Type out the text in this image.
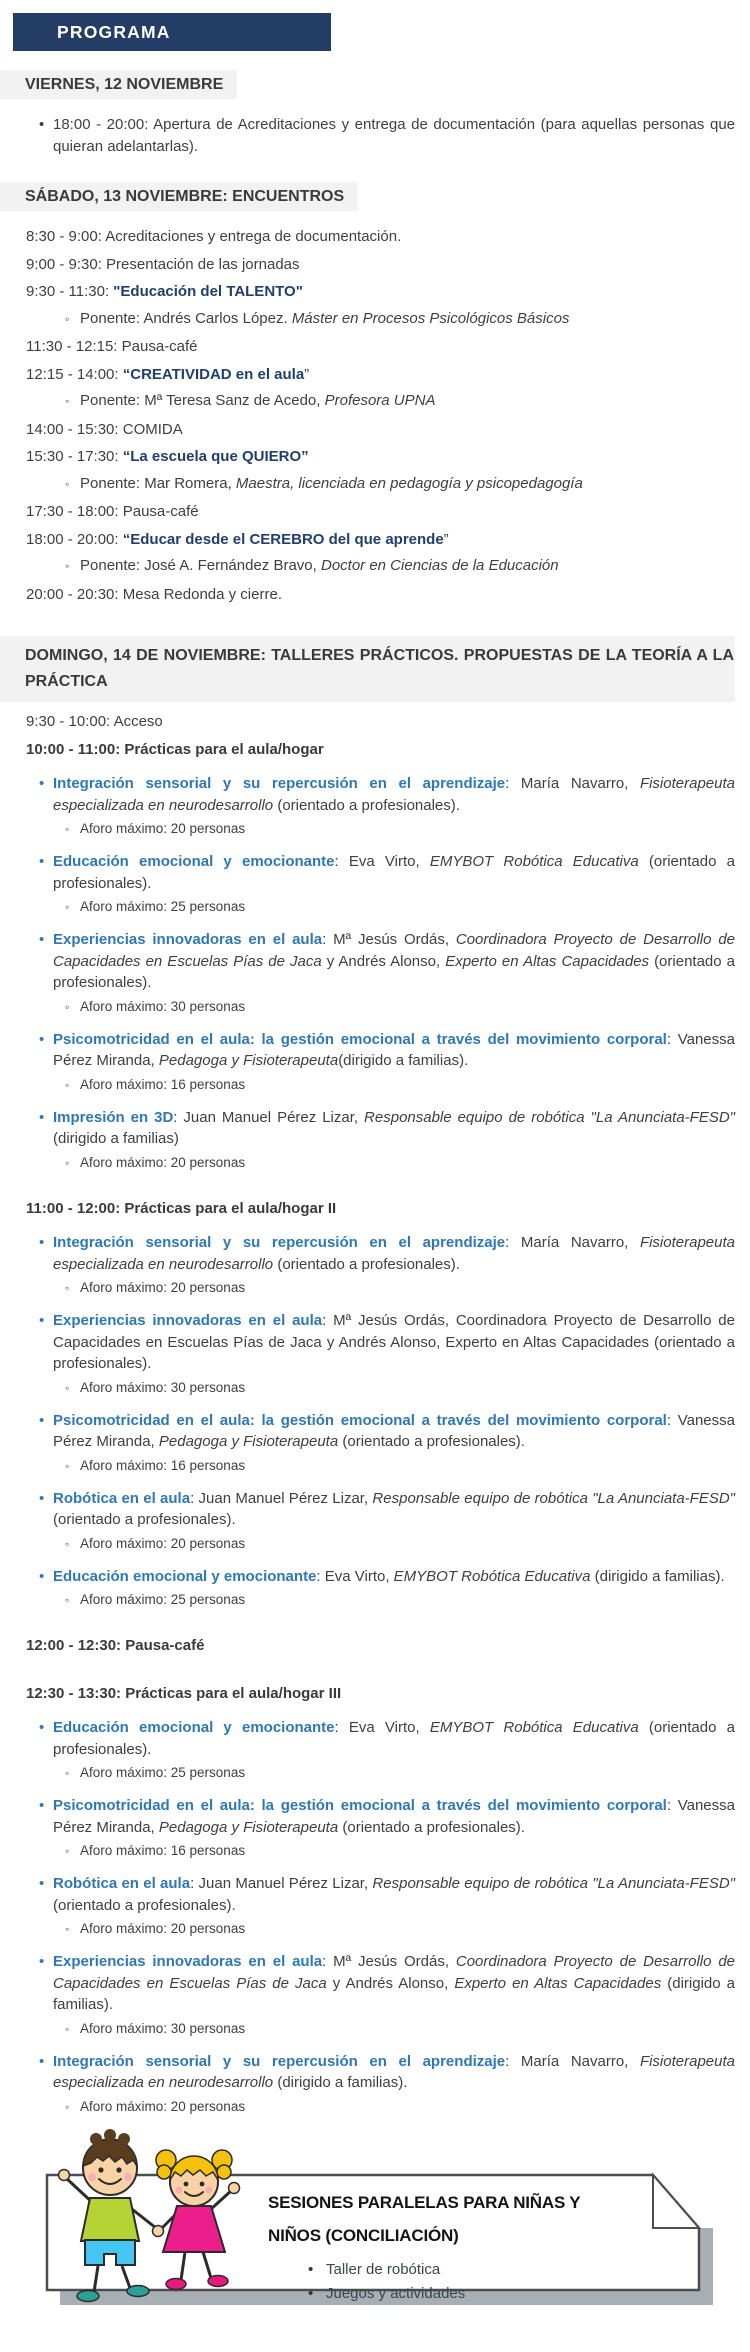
PROGRAMA
VIERNES, 12 NOVIEMBRE
• 18:00 - 20:00: Apertura de Acreditaciones y entrega de documentación (para aquellas personas que quieran adelantarlas).
SÁBADO, 13 NOVIEMBRE: ENCUENTROS
8:30 - 9:00: Acreditaciones y entrega de documentación.
9:00 - 9:30: Presentación de las jornadas
9:30 - 11:30: "Educación del TALENTO"
◦ Ponente: Andrés Carlos López. Máster en Procesos Psicológicos Básicos
11:30 - 12:15: Pausa-café
12:15 - 14:00: “CREATIVIDAD en el aula”
◦ Ponente: Mª Teresa Sanz de Acedo, Profesora UPNA
14:00 - 15:30: COMIDA
15:30 - 17:30: “La escuela que QUIERO”
◦ Ponente: Mar Romera, Maestra, licenciada en pedagogía y psicopedagogía
17:30 - 18:00: Pausa-café
18:00 - 20:00: “Educar desde el CEREBRO del que aprende”
◦ Ponente: José A. Fernández Bravo, Doctor en Ciencias de la Educación
20:00 - 20:30: Mesa Redonda y cierre.
DOMINGO, 14 DE NOVIEMBRE: TALLERES PRÁCTICOS. PROPUESTAS DE LA TEORÍA A LA PRÁCTICA
9:30 - 10:00: Acceso
10:00 - 11:00: Prácticas para el aula/hogar
• Integración sensorial y su repercusión en el aprendizaje: María Navarro, Fisioterapeuta especializada en neurodesarrollo (orientado a profesionales).
◦ Aforo máximo: 20 personas
• Educación emocional y emocionante: Eva Virto, EMYBOT Robótica Educativa (orientado a profesionales).
◦ Aforo máximo: 25 personas
• Experiencias innovadoras en el aula: Mª Jesús Ordás, Coordinadora Proyecto de Desarrollo de Capacidades en Escuelas Pías de Jaca y Andrés Alonso, Experto en Altas Capacidades (orientado a profesionales).
◦ Aforo máximo: 30 personas
• Psicomotricidad en el aula: la gestión emocional a través del movimiento corporal: Vanessa Pérez Miranda, Pedagoga y Fisioterapeuta(dirigido a familias).
◦ Aforo máximo: 16 personas
• Impresión en 3D: Juan Manuel Pérez Lizar, Responsable equipo de robótica "La Anunciata-FESD" (dirigido a familias)
◦ Aforo máximo: 20 personas
11:00 - 12:00: Prácticas para el aula/hogar II
• Integración sensorial y su repercusión en el aprendizaje: María Navarro, Fisioterapeuta especializada en neurodesarrollo (orientado a profesionales).
◦ Aforo máximo: 20 personas
• Experiencias innovadoras en el aula: Mª Jesús Ordás, Coordinadora Proyecto de Desarrollo de Capacidades en Escuelas Pías de Jaca y Andrés Alonso, Experto en Altas Capacidades (orientado a profesionales).
◦ Aforo máximo: 30 personas
• Psicomotricidad en el aula: la gestión emocional a través del movimiento corporal: Vanessa Pérez Miranda, Pedagoga y Fisioterapeuta (orientado a profesionales).
◦ Aforo máximo: 16 personas
• Robótica en el aula: Juan Manuel Pérez Lizar, Responsable equipo de robótica "La Anunciata-FESD" (orientado a profesionales).
◦ Aforo máximo: 20 personas
• Educación emocional y emocionante: Eva Virto, EMYBOT Robótica Educativa (dirigido a familias).
◦ Aforo máximo: 25 personas
12:00 - 12:30: Pausa-café
12:30 - 13:30: Prácticas para el aula/hogar III
• Educación emocional y emocionante: Eva Virto, EMYBOT Robótica Educativa (orientado a profesionales).
◦ Aforo máximo: 25 personas
• Psicomotricidad en el aula: la gestión emocional a través del movimiento corporal: Vanessa Pérez Miranda, Pedagoga y Fisioterapeuta (orientado a profesionales).
◦ Aforo máximo: 16 personas
• Robótica en el aula: Juan Manuel Pérez Lizar, Responsable equipo de robótica "La Anunciata-FESD" (orientado a profesionales).
◦ Aforo máximo: 20 personas
• Experiencias innovadoras en el aula: Mª Jesús Ordás, Coordinadora Proyecto de Desarrollo de Capacidades en Escuelas Pías de Jaca y Andrés Alonso, Experto en Altas Capacidades (dirigido a familias).
◦ Aforo máximo: 30 personas
• Integración sensorial y su repercusión en el aprendizaje: María Navarro, Fisioterapeuta especializada en neurodesarrollo (dirigido a familias).
◦ Aforo máximo: 20 personas
SESIONES PARALELAS PARA NIÑAS Y NIÑOS (CONCILIACIÓN)
• Taller de robótica
• Juegos y actividades
